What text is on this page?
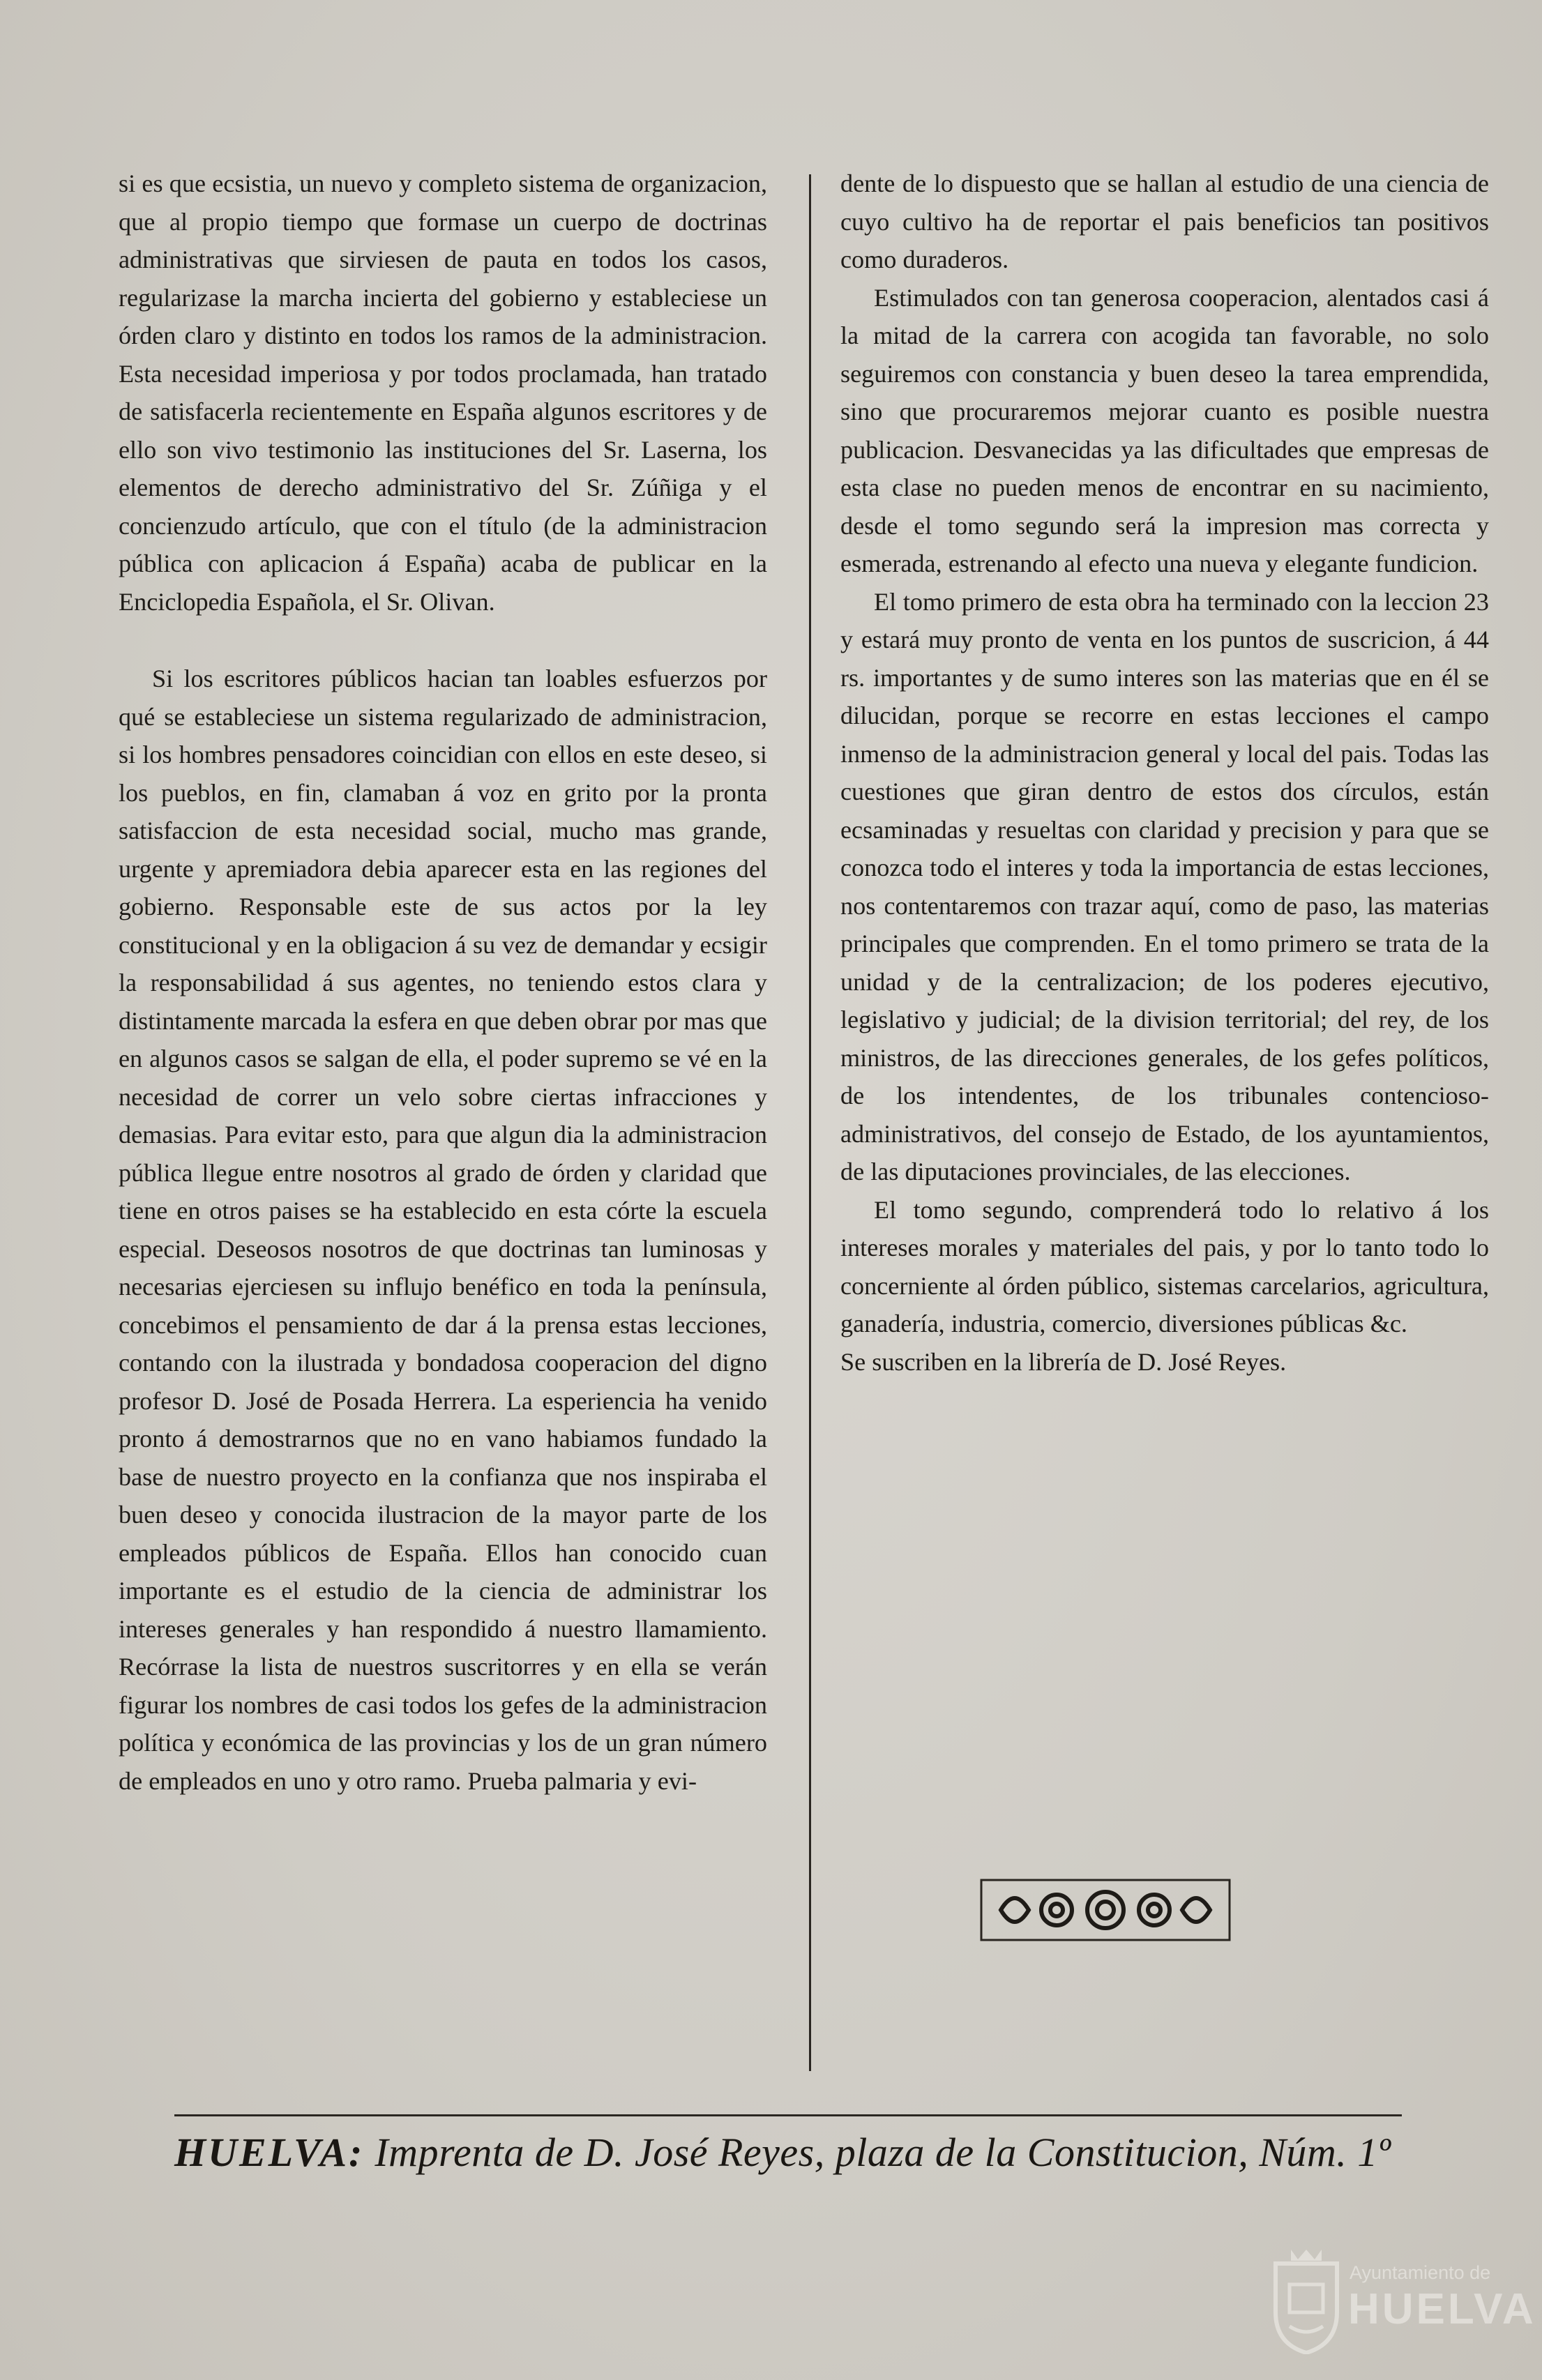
si es que ecsistia, un nuevo y completo sistema de organizacion, que al propio tiempo que formase un cuerpo de doctrinas administrativas que sirviesen de pauta en todos los casos, regularizase la marcha incierta del gobierno y estableciese un órden claro y distinto en todos los ramos de la administracion. Esta necesidad imperiosa y por todos proclamada, han tratado de satisfacerla recientemente en España algunos escritores y de ello son vivo testimonio las instituciones del Sr. Laserna, los elementos de derecho administrativo del Sr. Zúñiga y el concienzudo artículo, que con el título (de la administracion pública con aplicacion á España) acaba de publicar en la Enciclopedia Española, el Sr. Olivan.

Si los escritores públicos hacian tan loables esfuerzos por qué se estableciese un sistema regularizado de administracion, si los hombres pensadores coincidian con ellos en este deseo, si los pueblos, en fin, clamaban á voz en grito por la pronta satisfaccion de esta necesidad social, mucho mas grande, urgente y apremiadora debia aparecer esta en las regiones del gobierno. Responsable este de sus actos por la ley constitucional y en la obligacion á su vez de demandar y ecsigir la responsabilidad á sus agentes, no teniendo estos clara y distintamente marcada la esfera en que deben obrar por mas que en algunos casos se salgan de ella, el poder supremo se vé en la necesidad de correr un velo sobre ciertas infracciones y demasias. Para evitar esto, para que algun dia la administracion pública llegue entre nosotros al grado de órden y claridad que tiene en otros paises se ha establecido en esta córte la escuela especial. Deseosos nosotros de que doctrinas tan luminosas y necesarias ejerciesen su influjo benéfico en toda la península, concebimos el pensamiento de dar á la prensa estas lecciones, contando con la ilustrada y bondadosa cooperacion del digno profesor D. José de Posada Herrera. La esperiencia ha venido pronto á demostrarnos que no en vano habiamos fundado la base de nuestro proyecto en la confianza que nos inspiraba el buen deseo y conocida ilustracion de la mayor parte de los empleados públicos de España. Ellos han conocido cuan importante es el estudio de la ciencia de administrar los intereses generales y han respondido á nuestro llamamiento. Recórrase la lista de nuestros suscritorres y en ella se verán figurar los nombres de casi todos los gefes de la administracion política y económica de las provincias y los de un gran número de empleados en uno y otro ramo. Prueba palmaria y evi-

dente de lo dispuesto que se hallan al estudio de una ciencia de cuyo cultivo ha de reportar el pais beneficios tan positivos como duraderos.

Estimulados con tan generosa cooperacion, alentados casi á la mitad de la carrera con acogida tan favorable, no solo seguiremos con constancia y buen deseo la tarea emprendida, sino que procuraremos mejorar cuanto es posible nuestra publicacion. Desvanecidas ya las dificultades que empresas de esta clase no pueden menos de encontrar en su nacimiento, desde el tomo segundo será la impresion mas correcta y esmerada, estrenando al efecto una nueva y elegante fundicion.

El tomo primero de esta obra ha terminado con la leccion 23 y estará muy pronto de venta en los puntos de suscricion, á 44 rs. importantes y de sumo interes son las materias que en él se dilucidan, porque se recorre en estas lecciones el campo inmenso de la administracion general y local del pais. Todas las cuestiones que giran dentro de estos dos círculos, están ecsaminadas y resueltas con claridad y precision y para que se conozca todo el interes y toda la importancia de estas lecciones, nos contentaremos con trazar aquí, como de paso, las materias principales que comprenden. En el tomo primero se trata de la unidad y de la centralizacion; de los poderes ejecutivo, legislativo y judicial; de la division territorial; del rey, de los ministros, de las direcciones generales, de los gefes políticos, de los intendentes, de los tribunales contencioso-administrativos, del consejo de Estado, de los ayuntamientos, de las diputaciones provinciales, de las elecciones.

El tomo segundo, comprenderá todo lo relativo á los intereses morales y materiales del pais, y por lo tanto todo lo concerniente al órden público, sistemas carcelarios, agricultura, ganadería, industria, comercio, diversiones públicas &c.

Se suscriben en la librería de D. José Reyes.

HUELVA: Imprenta de D. José Reyes, plaza de la Constitucion, Núm. 1º
Ayuntamiento de
HUELVA
